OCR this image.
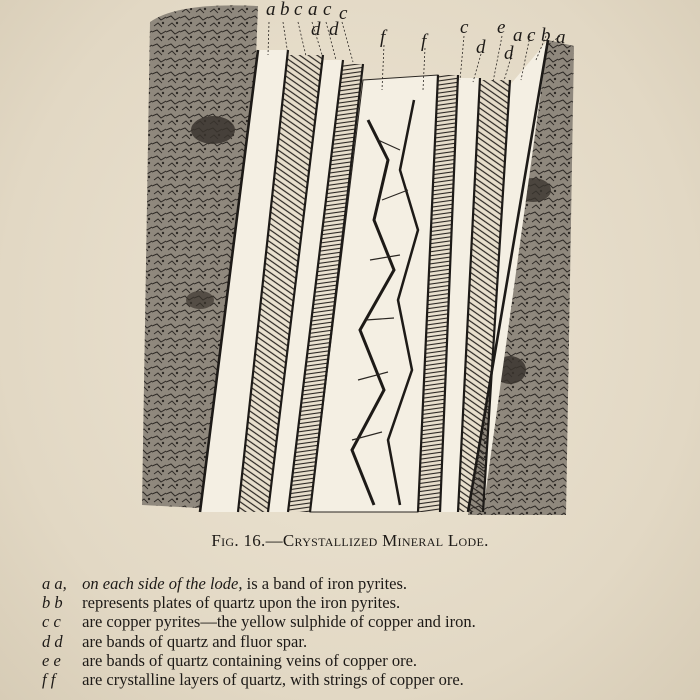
a b c a c c
d d f f
c e a c b a
d d
Fig. 16.—Crystallized Mineral Lode.
a a, on each side of the lode, is a band of iron pyrites.
b b represents plates of quartz upon the iron pyrites.
c c are copper pyrites—the yellow sulphide of copper and iron.
d d are bands of quartz and fluor spar.
e e are bands of quartz containing veins of copper ore.
f f are crystalline layers of quartz, with strings of copper ore.
